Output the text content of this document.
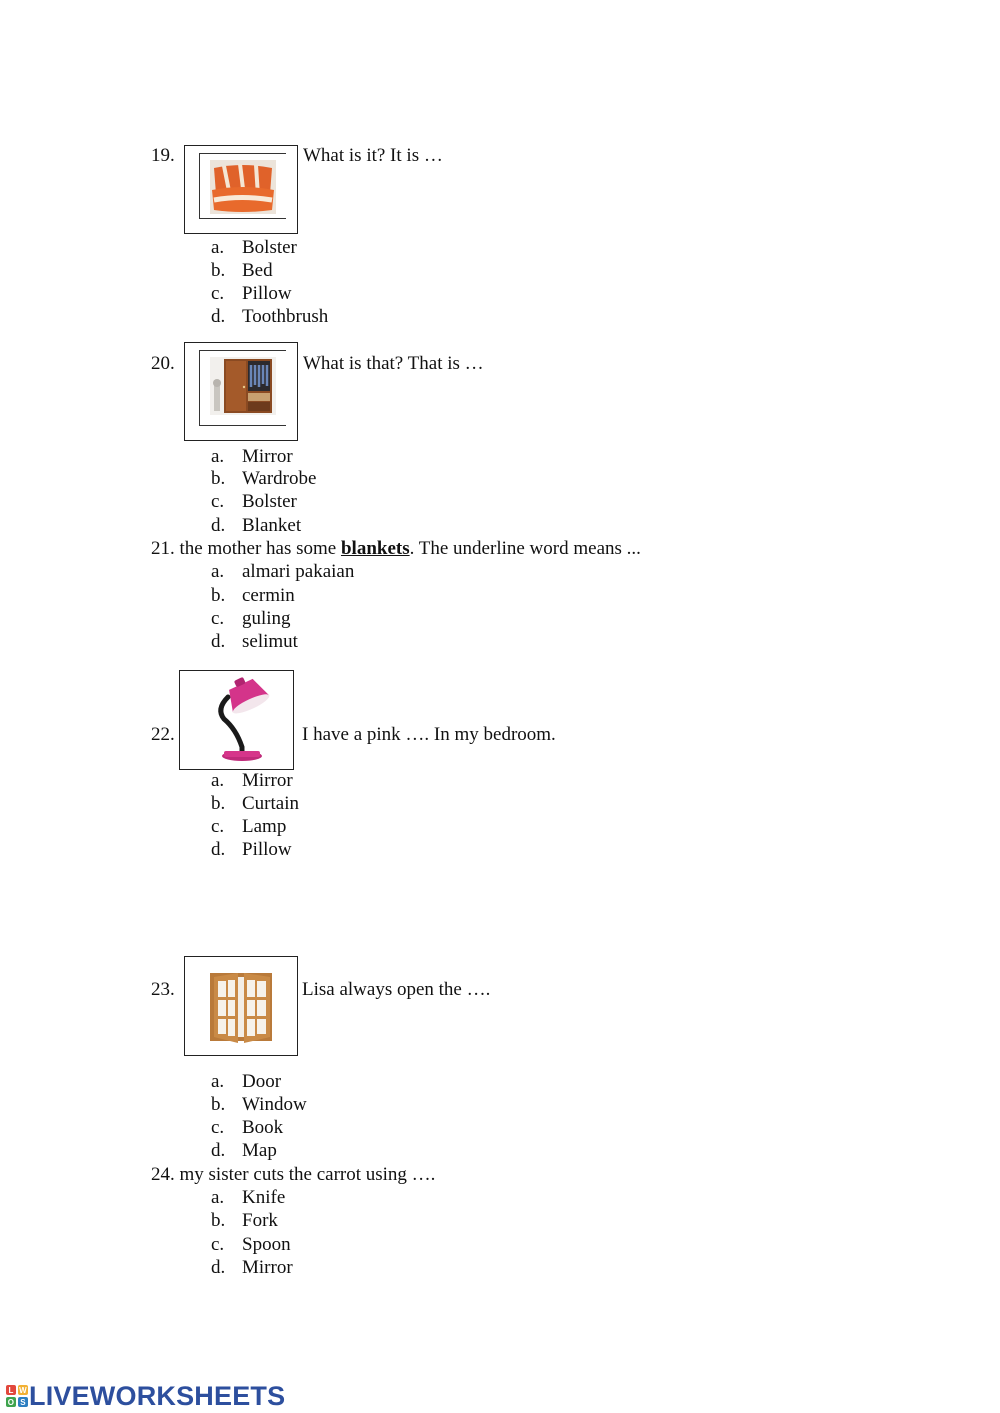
19.	What is it? It is …
a. Bolster
b. Bed
c. Pillow
d. Toothbrush
20.	What is that? That is …
a. Mirror
b. Wardrobe
c. Bolster
d. Blanket
21. the mother has some blankets. The underline word means ...
a. almari pakaian
b. cermin
c. guling
d. selimut
22.	I have a pink …. In my bedroom.
a. Mirror
b. Curtain
c. Lamp
d. Pillow
23.	Lisa always open the ….
a. Door
b. Window
c. Book
d. Map
24. my sister cuts the carrot using ….
a. Knife
b. Fork
c. Spoon
d. Mirror
L W
O S LIVEWORKSHEETS
